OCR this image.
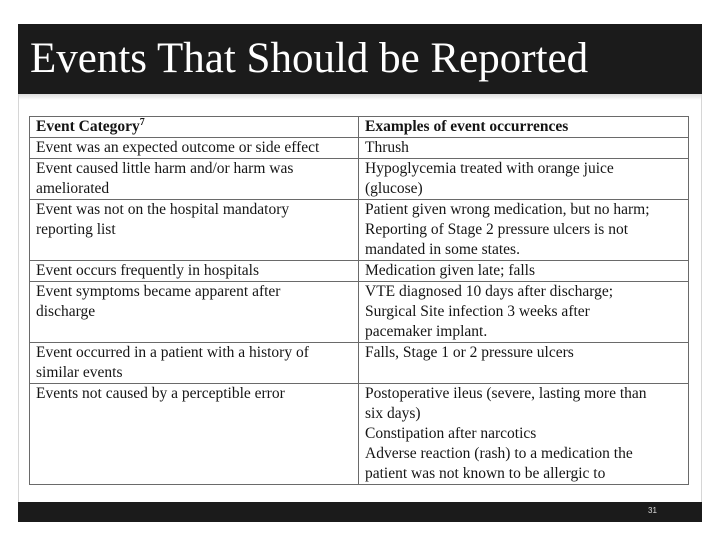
Events That Should be Reported
Event Category$^7$	Examples of event occurrences

Event was an expected outcome or side effect	Thrush

Event caused little harm and/or harm was
ameliorated	Hypoglycemia treated with orange juice
(glucose)

Event was not on the hospital mandatory
reporting list	Patient given wrong medication, but no harm;
Reporting of Stage 2 pressure ulcers is not
mandated in some states.

Event occurs frequently in hospitals	Medication given late; falls

Event symptoms became apparent after
discharge	VTE diagnosed 10 days after discharge;
Surgical Site infection 3 weeks after
pacemaker implant.

Event occurred in a patient with a history of
similar events	Falls, Stage 1 or 2 pressure ulcers

Events not caused by a perceptible error	Postoperative ileus (severe, lasting more than
six days)
Constipation after narcotics
Adverse reaction (rash) to a medication the
patient was not known to be allergic to
31
